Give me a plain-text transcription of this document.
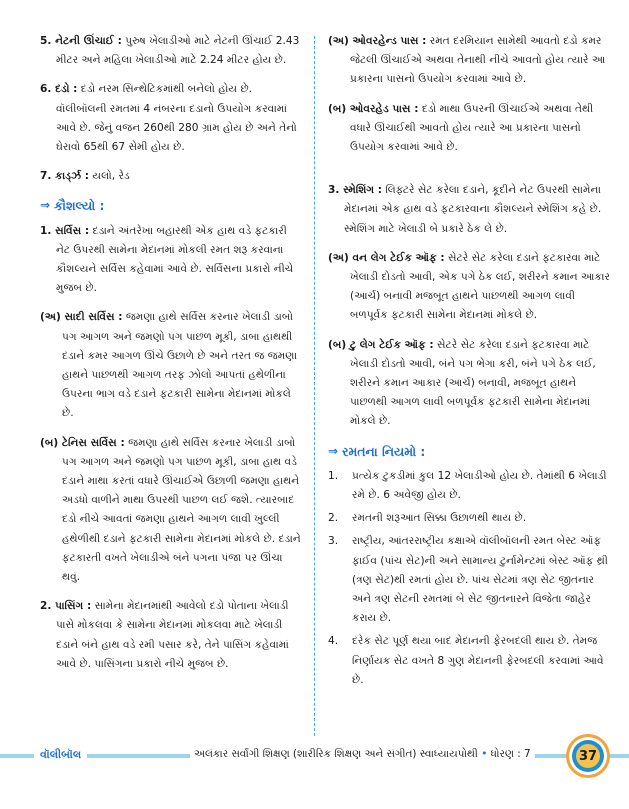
5. નેટની ઊંચાઈ : પુરુષ ખેલાડીઓ માટે નેટની ઊંચાઈ 2.43 મીટર અને મહિલા ખેલાડીઓ માટે 2.24 મીટર હોય છે.
6. દડો : દડો નરમ સિન્થેટિકમાંથી બનેલો હોય છે. વૉલીબૉલની રમતમાં 4 નંબરના દડાનો ઉપયોગ કરવામાં આવે છે. જેનું વજન 260થી 280 ગ્રામ હોય છે અને તેનો ઘેરાવો 65થી 67 સેમી હોય છે.
7. કાર્ડ્ઝ : યલો, રેડ
⇒ કૌશલ્યો :
1. સર્વિસ : દડાને અંતરેખા બહારથી એક હાથ વડે ફટકારી નેટ ઉપરથી સામેના મેદાનમાં મોકલી રમત શરૂ કરવાના કૌશલ્યને સર્વિસ કહેવામાં આવે છે. સર્વિસના પ્રકારો નીચે મુજબ છે.
(અ) સાદી સર્વિસ : જમણા હાથે સર્વિસ કરનાર ખેલાડી ડાબો પગ આગળ અને જમણો પગ પાછળ મૂકી, ડાબા હાથથી દડાને કમર આગળ ઊંચે ઉછાળે છે અને તરત જ જમણા હાથને પાછળથી આગળ તરફ ઝોલો આપતાં હથેળીના ઉપરના ભાગ વડે દડાને ફટકારી સામેના મેદાનમાં મોકલે છે.
(બ) ટેનિસ સર્વિસ : જમણા હાથે સર્વિસ કરનાર ખેલાડી ડાબો પગ આગળ અને જમણો પગ પાછળ મૂકી, ડાબા હાથ વડે દડાને માથા કરતાં વધારે ઊંચાઈએ ઉછાળી જમણા હાથને અડધો વાળીને માથા ઉપરથી પાછળ લઈ જશે. ત્યારબાદ દડો નીચે આવતાં જમણા હાથને આગળ લાવી ખુલ્લી હથેળીથી દડાને ફટકારી સામેના મેદાનમાં મોકલે છે. દડાને ફટકારતી વખતે ખેલાડીએ બંને પગના પંજા પર ઊંચા થવું.
2. પાસિંગ : સામેના મેદાનમાંથી આવેલો દડો પોતાના ખેલાડી પાસે મોકલવા કે સામેના મેદાનમાં મોકલવા માટે ખેલાડી દડાને બંને હાથ વડે રમી પસાર કરે, તેને પાસિંગ કહેવામાં આવે છે. પાસિંગના પ્રકારો નીચે મુજબ છે.
(અ) ઓવરહેન્ડ પાસ : રમત દરમિયાન સામેથી આવતો દડો કમર જેટલી ઊંચાઈએ અથવા તેનાથી નીચે આવતો હોય ત્યારે આ પ્રકારના પાસનો ઉપયોગ કરવામાં આવે છે.
(બ) ઓવરહેડ પાસ : દડો માથા ઉપરની ઊંચાઈએ અથવા તેથી વધારે ઊંચાઈથી આવતો હોય ત્યારે આ પ્રકારના પાસનો ઉપયોગ કરવામાં આવે છે.
3. સ્મેશિંગ : લિફ્ટરે સેટ કરેલા દડાને, કૂદીને નેટ ઉપરથી સામેના મેદાનમાં એક હાથ વડે ફટકારવાના કૌશલ્યને સ્મેશિંગ કહે છે. સ્મેશિંગ માટે ખેલાડી બે પ્રકારે ઠેક લે છે.
(અ) વન લેગ ટેઈક ઑફ : સેટરે સેટ કરેલા દડાને ફટકારવા માટે ખેલાડી દોડતો આવી, એક પગે ઠેક લઈ, શરીરને કમાન આકાર (આર્ચ) બનાવી મજબૂત હાથને પાછળથી આગળ લાવી બળપૂર્વક ફટકારી સામેના મેદાનમાં મોકલે છે.
(બ) ટુ લેગ ટેઈક ઑફ : સેટરે સેટ કરેલા દડાને ફટકારવા માટે ખેલાડી દોડતો આવી, બંને પગ ભેગા કરી, બંને પગે ઠેક લઈ, શરીરને કમાન આકાર (આર્ચ) બનાવી, મજબૂત હાથને પાછળથી આગળ લાવી બળપૂર્વક ફટકારી સામેના મેદાનમાં મોકલે છે.
⇒ રમતના નિયમો :
1.	પ્રત્યેક ટુકડીમાં કુલ 12 ખેલાડીઓ હોય છે. તેમાંથી 6 ખેલાડી રમે છે. 6 અવેજી હોય છે.
2.	રમતની શરૂઆત સિક્કા ઉછાળથી થાય છે.
3.	રાષ્ટ્રીય, આંતરરાષ્ટ્રીય કક્ષાએ વૉલીબૉલની રમત બેસ્ટ ઑફ ફાઈવ (પાંચ સેટ)ની અને સામાન્ય ટુર્નામેન્ટમાં બેસ્ટ ઑફ થ્રી (ત્રણ સેટ)થી રમતાં હોય છે. પાંચ સેટમાં ત્રણ સેટ જીતનાર અને ત્રણ સેટની રમતમાં બે સેટ જીતનારને વિજેતા જાહેર કરાય છે.
4.	દરેક સેટ પૂર્ણ થયા બાદ મેદાનની ફેરબદલી થાય છે. તેમજ નિર્ણાયક સેટ વખતે 8 ગુણ મેદાનની ફેરબદલી કરવામાં આવે છે.
વૉલીબૉલ	અલંકાર સર્વાંગી શિક્ષણ (શારીરિક શિક્ષણ અને સંગીત) સ્વાધ્યાયપોથી • ધોરણ : 7	37
